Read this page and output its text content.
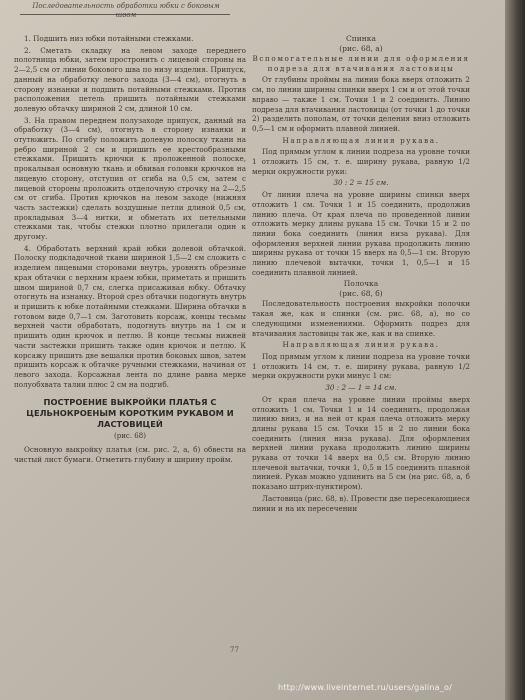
Последовательность обработки юбки с боковым швом

1. Подшить низ юбки потайными стежками.

2. Сметать складку на левом заходе переднего полотнища юбки, затем простронить с лицевой стороны на 2—2,5 см от линии бокового шва по низу изделия. Припуск, данный на обработку левого захода (3—4 см), отогнуть в сторону изнанки и подшить потайными стежками. Против расположения петель пришить потайными стежками долевую обтачку шириной 2 см, длиной 10 см.

3. На правом переднем полузаходе припуск, данный на обработку (3—4 см), отогнуть в сторону изнанки и отутюжить. По сгибу положить долевую полоску ткани на ребро шириной 2 см и пришить ее крестообразными стежками. Пришить крючки к проложенной полоске, прокалывая основную ткань и обвивая головки крючков на лицевую сторону, отступив от сгиба на 0,5 см, затем с лицевой стороны проложить отделочную строчку на 2—2,5 см от сгиба. Против крючков на левом заходе (нижняя часть застежки) сделать воздушные петли длиной 0,5 см, прокладывая 3—4 нитки, и обметать их петельными стежками так, чтобы стежки плотно прилегали один к другому.

4. Обработать верхний край юбки долевой обтачкой. Полоску подкладочной ткани шириной 1,5—2 см сложить с изделием лицевыми сторонами внутрь, уровнять обрезные края обтачки с верхним краем юбки, приметать и пришить швом шириной 0,7 см, слегка присаживая юбку. Обтачку отогнуть на изнанку. Второй срез обтачки подогнуть внутрь и пришить к юбке потайными стежками. Ширина обтачки в готовом виде 0,7—1 см. Заготовить корсаж, концы тесьмы верхней части обработать, подогнуть внутрь на 1 см и пришить один крючок и петлю. В конце тесьмы нижней части застежки пришить также один крючок и петлю. К корсажу пришить две вешалки против боковых швов, затем пришить корсаж к обтачке ручными стежками, начиная от левого захода. Корсажная лента по длине равна мерке полуобхвата талии плюс 2 см на подгиб.

ПОСТРОЕНИЕ ВЫКРОЙКИ ПЛАТЬЯ С ЦЕЛЬНОКРОЕНЫМ КОРОТКИМ РУКАВОМ И ЛАСТОВИЦЕЙ
(рис. 68)

Основную выкройку платья (см. рис. 2, а, б) обвести на чистый лист бумаги. Отметить глубину и ширину пройм.

Спинка
(рис. 68, а)

Вспомогательные линии для оформления подреза для втачивания ластовицы

От глубины проймы на линии бока вверх отложить 2 см, по линии ширины спинки вверх 1 см и от этой точки вправо — также 1 см. Точки 1 и 2 соединить. Линию подреза для втачивания ластовицы (от точки 1 до точки 2) разделить пополам, от точки деления вниз отложить 0,5—1 см и оформить плавной линией.

Направляющая линия рукава.

Под прямым углом к линии подреза на уровне точки 1 отложить 15 см, т. е. ширину рукава, равную 1/2 мерки окружности руки:

30 : 2 = 15 см.

От линии плеча на уровне ширины спинки вверх отложить 1 см. Точки 1 и 15 соединить, продолжив линию плеча. От края плеча по проведенной линии отложить мерку длины рукава 15 см. Точки 15 и 2 по линии бока соединить (линия низа рукава). Для оформления верхней линии рукава продолжить линию ширины рукава от точки 15 вверх на 0,5—1 см. Вторую линию плечевой вытачки, точки 1, 0,5—1 и 15 соединить плавной линией.

Полочка
(рис. 68, б)

Последовательность построения выкройки полочки такая же, как и спинки (см. рис. 68, а), но со следующими изменениями. Оформить подрез для втачивания ластовицы так же, как и на спинке.

Направляющая линия рукава.

Под прямым углом к линии подреза на уровне точки 1 отложить 14 см, т. е. ширину рукава, равную 1/2 мерки окружности руки минус 1 см:

30 : 2 — 1 = 14 см.

От края плеча на уровне линии проймы вверх отложить 1 см. Точки 1 и 14 соединить, продолжая линию вниз, и на ней от края плеча отложить мерку длины рукава 15 см. Точки 15 и 2 по линии бока соединить (линия низа рукава). Для оформления верхней линии рукава продолжить линию ширины рукава от точки 14 вверх на 0,5 см. Вторую линию плечевой вытачки, точки 1, 0,5 и 15 соединить плавной линией. Рукав можно удлинить на 5 см (на рис. 68, а, б показано штрих-пунктиром).

Ластовица (рис. 68, в). Провести две пересекающиеся линии и на их пересечении

77
http://www.liveinternet.ru/users/galina_o/
